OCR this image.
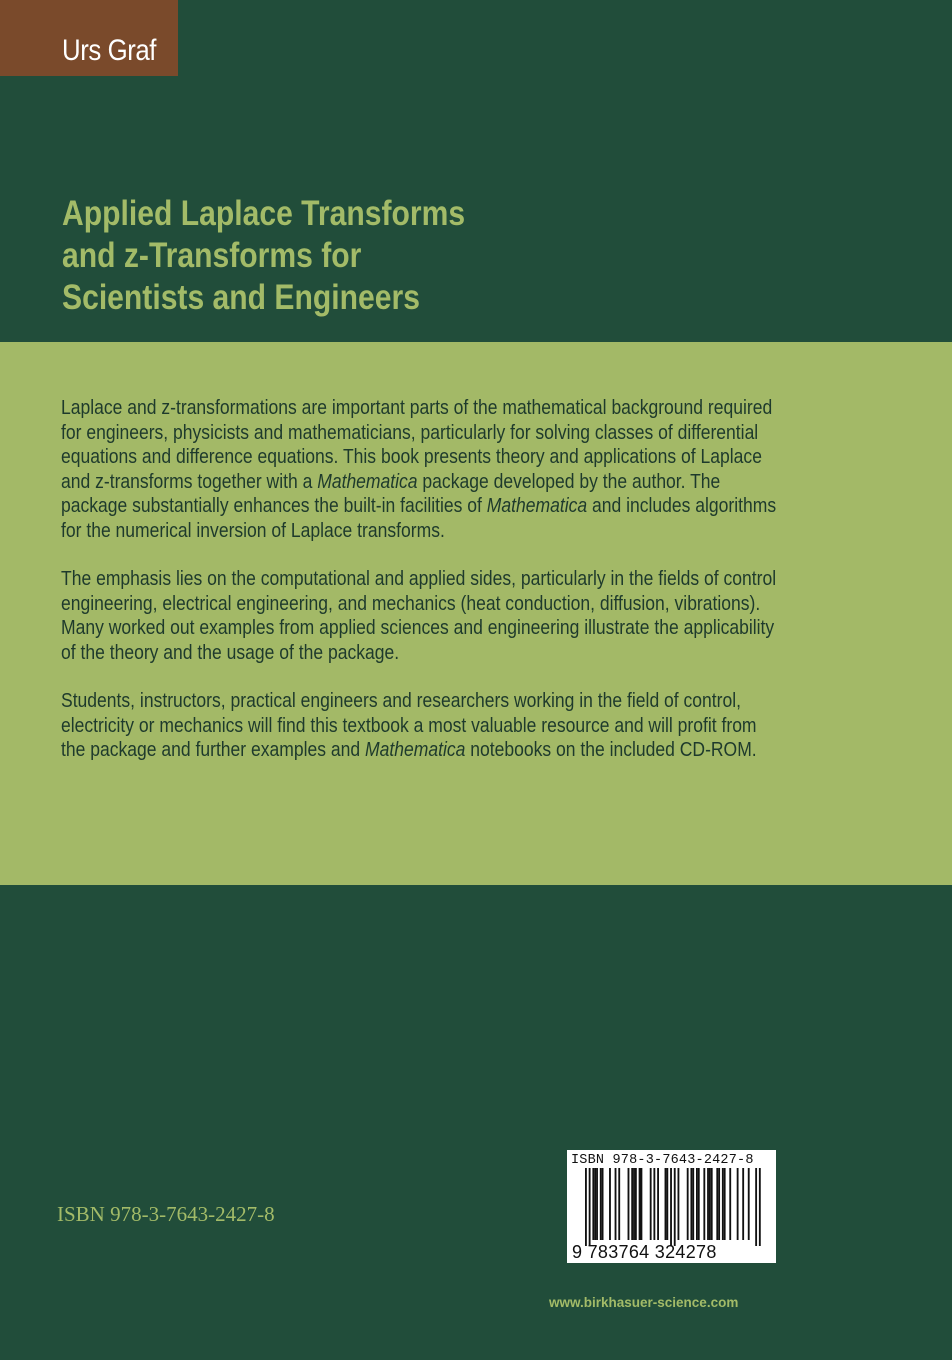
Urs Graf
Applied Laplace Transforms
and z-Transforms for
Scientists and Engineers

Laplace and z-transformations are important parts of the mathematical background required
for engineers, physicists and mathematicians, particularly for solving classes of differential
equations and difference equations. This book presents theory and applications of Laplace
and z-transforms together with a Mathematica package developed by the author. The
package substantially enhances the built-in facilities of Mathematica and includes algorithms
for the numerical inversion of Laplace transforms.

The emphasis lies on the computational and applied sides, particularly in the fields of control
engineering, electrical engineering, and mechanics (heat conduction, diffusion, vibrations).
Many worked out examples from applied sciences and engineering illustrate the applicability
of the theory and the usage of the package.

Students, instructors, practical engineers and researchers working in the field of control,
electricity or mechanics will find this textbook a most valuable resource and will profit from
the package and further examples and Mathematica notebooks on the included CD-ROM.

ISBN 978-3-7643-2427-8
ISBN 978-3-7643-2427-8
9 783764 324278
www.birkhasuer-science.com
